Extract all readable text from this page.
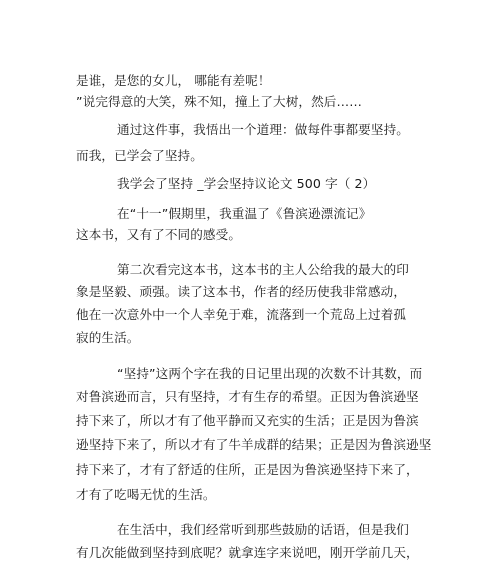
是谁，是您的女儿， 哪能有差呢！
”说完得意的大笑，殊不知，撞上了大树，然后……
通过这件事，我悟出一个道理：做每件事都要坚持。
而我，已学会了坚持。
我学会了坚持 _学会坚持议论文 500 字（ 2）
在“十一”假期里，我重温了《鲁滨逊漂流记》
这本书，又有了不同的感受。
第二次看完这本书，这本书的主人公给我的最大的印
象是坚毅、顽强。读了这本书，作者的经历使我非常感动，
他在一次意外中一个人幸免于难，流落到一个荒岛上过着孤
寂的生活。
“坚持”这两个字在我的日记里出现的次数不计其数，而
对鲁滨逊而言，只有坚持，才有生存的希望。正因为鲁滨逊坚
持下来了，所以才有了他平静而又充实的生活；正是因为鲁滨
逊坚持下来了，所以才有了牛羊成群的结果；正是因为鲁滨逊坚
持下来了，才有了舒适的住所，正是因为鲁滨逊坚持下来了，
才有了吃喝无忧的生活。
在生活中，我们经常听到那些鼓励的话语，但是我们
有几次能做到坚持到底呢？就拿连字来说吧，刚开学前几天，
